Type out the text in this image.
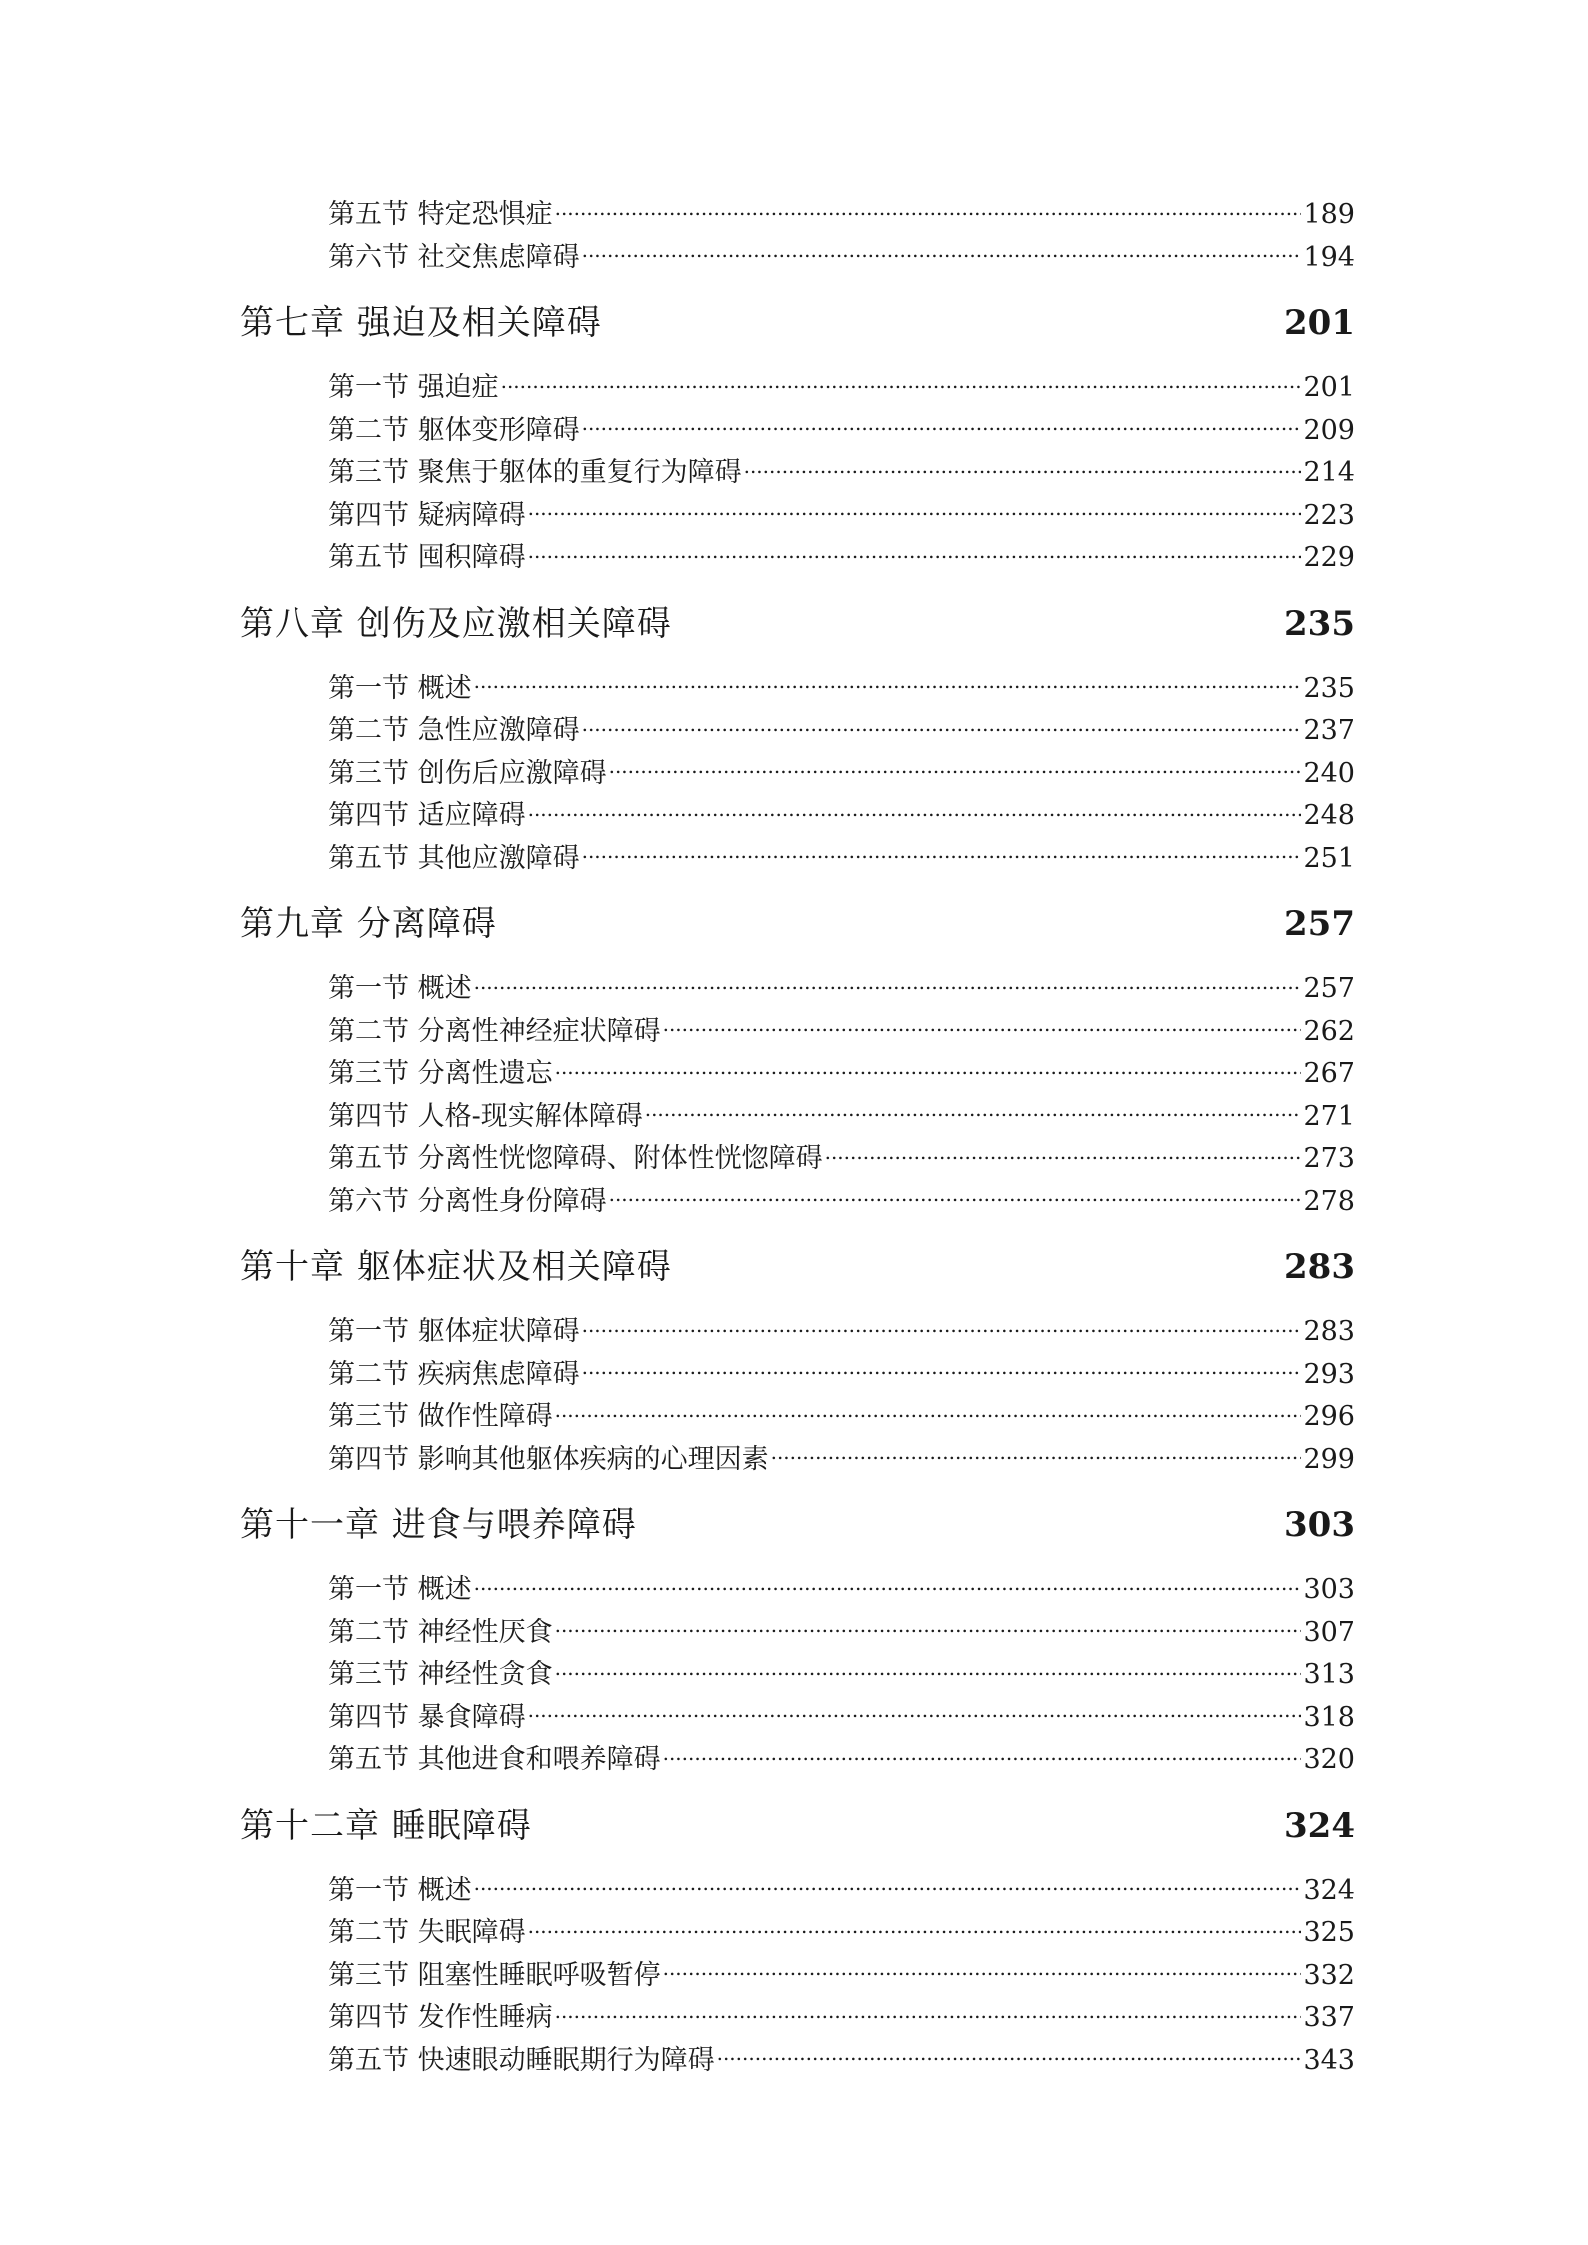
第五节 特定恐惧症 .....	189
第六节 社交焦虑障碍 .....	194
第七章 强迫及相关障碍 .....	201
第一节 强迫症 .....	201
第二节 躯体变形障碍 .....	209
第三节 聚焦于躯体的重复行为障碍 .....	214
第四节 疑病障碍 .....	223
第五节 囤积障碍 .....	229
第八章 创伤及应激相关障碍 .....	235
第一节 概述 .....	235
第二节 急性应激障碍 .....	237
第三节 创伤后应激障碍 .....	240
第四节 适应障碍 .....	248
第五节 其他应激障碍 .....	251
第九章 分离障碍 .....	257
第一节 概述 .....	257
第二节 分离性神经症状障碍 .....	262
第三节 分离性遗忘 .....	267
第四节 人格-现实解体障碍 .....	271
第五节 分离性恍惚障碍、附体性恍惚障碍 .....	273
第六节 分离性身份障碍 .....	278
第十章 躯体症状及相关障碍 .....	283
第一节 躯体症状障碍 .....	283
第二节 疾病焦虑障碍 .....	293
第三节 做作性障碍 .....	296
第四节 影响其他躯体疾病的心理因素 .....	299
第十一章 进食与喂养障碍 .....	303
第一节 概述 .....	303
第二节 神经性厌食 .....	307
第三节 神经性贪食 .....	313
第四节 暴食障碍 .....	318
第五节 其他进食和喂养障碍 .....	320
第十二章 睡眠障碍 .....	324
第一节 概述 .....	324
第二节 失眠障碍 .....	325
第三节 阻塞性睡眠呼吸暂停 .....	332
第四节 发作性睡病 .....	337
第五节 快速眼动睡眠期行为障碍 .....	343
